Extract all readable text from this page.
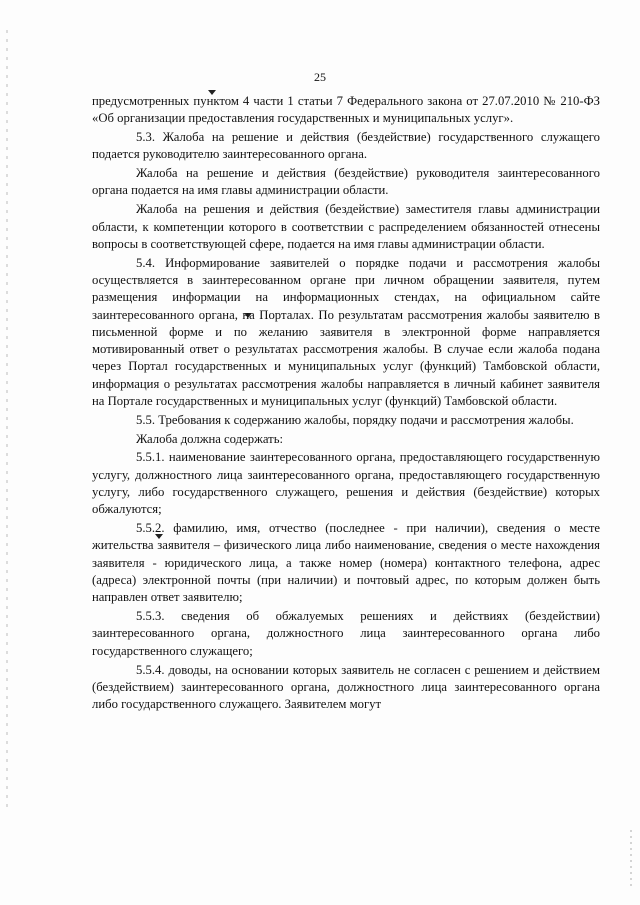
25

предусмотренных пунктом 4 части 1 статьи 7 Федерального закона от 27.07.2010 № 210-ФЗ «Об организации предоставления государственных и муниципальных услуг».

5.3. Жалоба на решение и действия (бездействие) государственного служащего подается руководителю заинтересованного органа.

Жалоба на решение и действия (бездействие) руководителя заинтересованного органа подается на имя главы администрации области.

Жалоба на решения и действия (бездействие) заместителя главы администрации области, к компетенции которого в соответствии с распределением обязанностей отнесены вопросы в соответствующей сфере, подается на имя главы администрации области.

5.4. Информирование заявителей о порядке подачи и рассмотрения жалобы осуществляется в заинтересованном органе при личном обращении заявителя, путем размещения информации на информационных стендах, на официальном сайте заинтересованного органа, на Порталах. По результатам рассмотрения жалобы заявителю в письменной форме и по желанию заявителя в электронной форме направляется мотивированный ответ о результатах рассмотрения жалобы. В случае если жалоба подана через Портал государственных и муниципальных услуг (функций) Тамбовской области, информация о результатах рассмотрения жалобы направляется в личный кабинет заявителя на Портале государственных и муниципальных услуг (функций) Тамбовской области.

5.5. Требования к содержанию жалобы, порядку подачи и рассмотрения жалобы.

Жалоба должна содержать:

5.5.1. наименование заинтересованного органа, предоставляющего государственную услугу, должностного лица заинтересованного органа, предоставляющего государственную услугу, либо государственного служащего, решения и действия (бездействие) которых обжалуются;

5.5.2. фамилию, имя, отчество (последнее - при наличии), сведения о месте жительства заявителя – физического лица либо наименование, сведения о месте нахождения заявителя - юридического лица, а также номер (номера) контактного телефона, адрес (адреса) электронной почты (при наличии) и почтовый адрес, по которым должен быть направлен ответ заявителю;

5.5.3. сведения об обжалуемых решениях и действиях (бездействии) заинтересованного органа, должностного лица заинтересованного органа либо государственного служащего;

5.5.4. доводы, на основании которых заявитель не согласен с решением и действием (бездействием) заинтересованного органа, должностного лица заинтересованного органа либо государственного служащего. Заявителем могут
